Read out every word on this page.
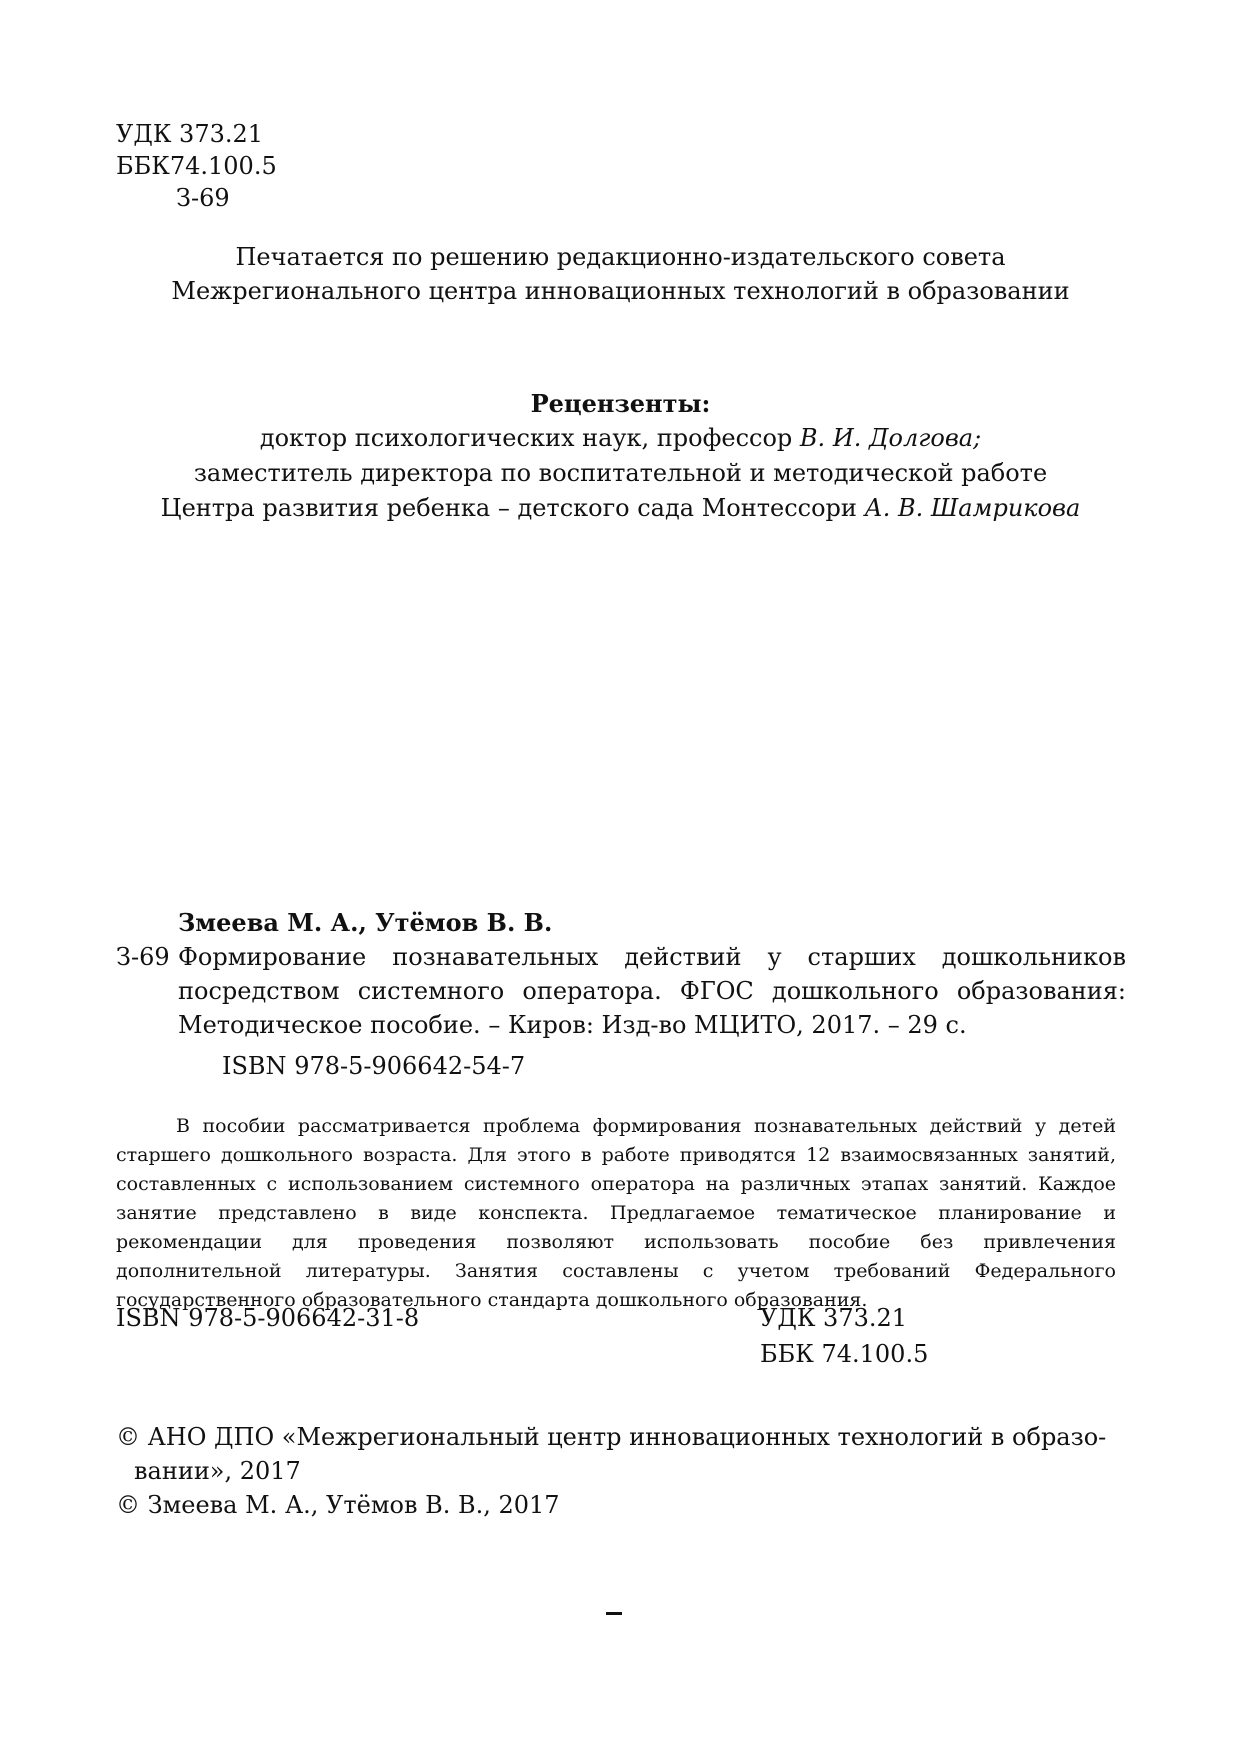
УДК 373.21
ББК74.100.5
З-69
Печатается по решению редакционно-издательского совета
Межрегионального центра инновационных технологий в образовании
Рецензенты:
доктор психологических наук, профессор В. И. Долгова;
заместитель директора по воспитательной и методической работе
Центра развития ребенка – детского сада Монтессори А. В. Шамрикова
Змеева М. А., Утёмов В. В.
З-69 Формирование познавательных действий у старших дошкольников
посредством системного оператора. ФГОС дошкольного образования:
Методическое пособие. – Киров: Изд-во МЦИТО, 2017. – 29 с.
ISBN 978-5-906642-54-7
В пособии рассматривается проблема формирования познавательных действий у детей старшего дошкольного возраста. Для этого в работе приводятся 12 взаимосвязанных занятий, составленных с использованием системного оператора на различных этапах занятий. Каждое занятие представлено в виде конспекта. Предлагаемое тематическое планирование и рекомендации для проведения позволяют использовать пособие без привлечения дополнительной литературы. Занятия составлены с учетом требований Федерального государственного образовательного стандарта дошкольного образования.
ISBN 978-5-906642-31-8	УДК 373.21
ББК 74.100.5
© АНО ДПО «Межрегиональный центр инновационных технологий в образо-
вании», 2017
© Змеева М. А., Утёмов В. В., 2017
